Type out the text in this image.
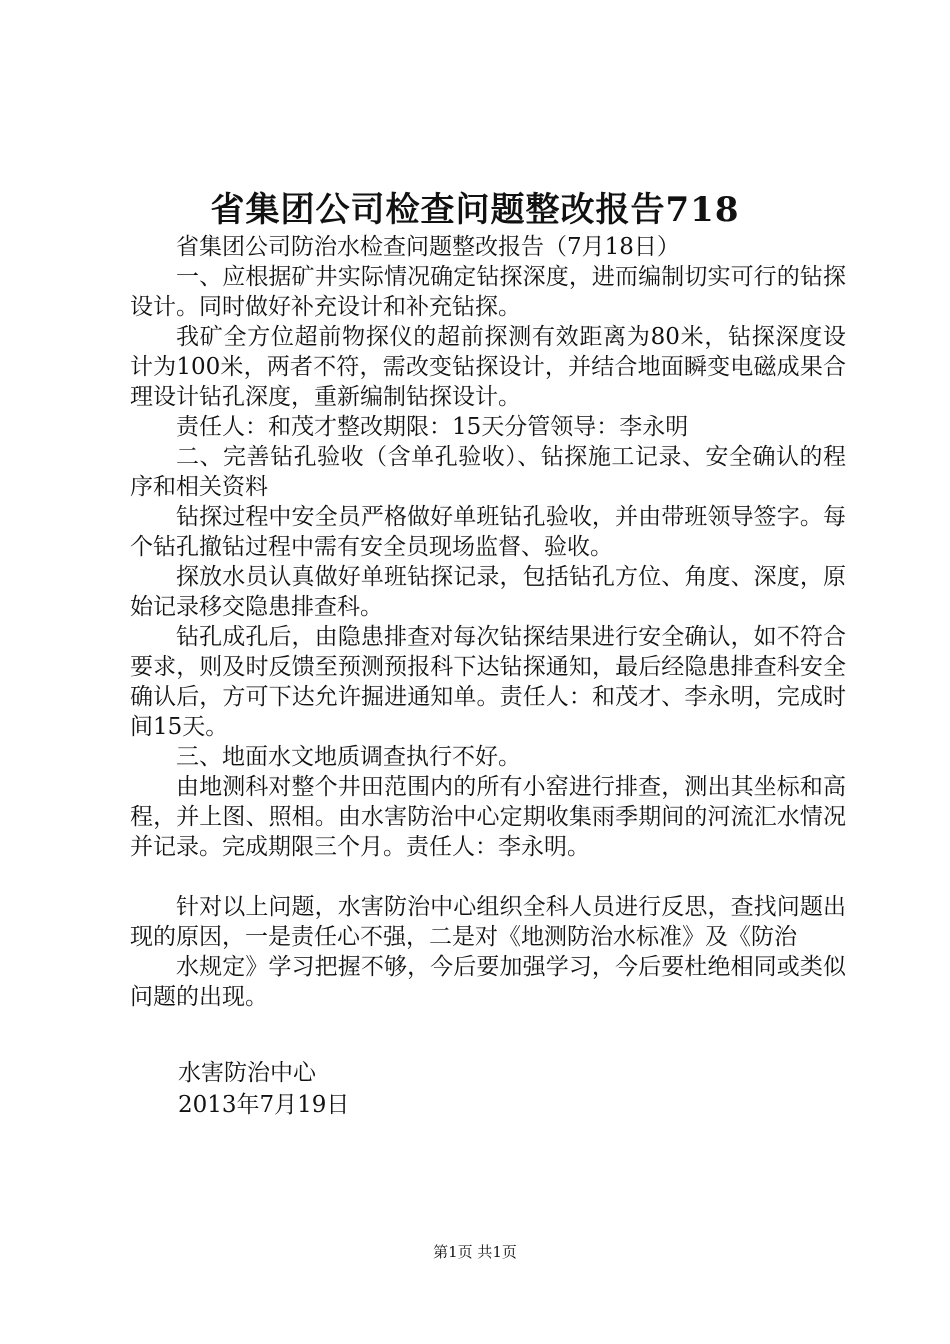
省集团公司检查问题整改报告718

省集团公司防治水检查问题整改报告（7月18日）

一、应根据矿井实际情况确定钻探深度，进而编制切实可行的钻探设计。同时做好补充设计和补充钻探。

我矿全方位超前物探仪的超前探测有效距离为80米，钻探深度设计为100米，两者不符，需改变钻探设计，并结合地面瞬变电磁成果合理设计钻孔深度，重新编制钻探设计。

责任人：和茂才整改期限：15天分管领导：李永明

二、完善钻孔验收（含单孔验收）、钻探施工记录、安全确认的程序和相关资料

钻探过程中安全员严格做好单班钻孔验收，并由带班领导签字。每个钻孔撤钻过程中需有安全员现场监督、验收。

探放水员认真做好单班钻探记录，包括钻孔方位、角度、深度，原始记录移交隐患排查科。

钻孔成孔后，由隐患排查对每次钻探结果进行安全确认，如不符合要求，则及时反馈至预测预报科下达钻探通知，最后经隐患排查科安全确认后，方可下达允许掘进通知单。责任人：和茂才、李永明，完成时间15天。

三、地面水文地质调查执行不好。

由地测科对整个井田范围内的所有小窑进行排查，测出其坐标和高程，并上图、照相。由水害防治中心定期收集雨季期间的河流汇水情况并记录。完成期限三个月。责任人：李永明。

针对以上问题，水害防治中心组织全科人员进行反思，查找问题出现的原因，一是责任心不强，二是对《地测防治水标准》及《防治

水规定》学习把握不够，今后要加强学习，今后要杜绝相同或类似问题的出现。

水害防治中心
2013年7月19日
第1页 共1页
